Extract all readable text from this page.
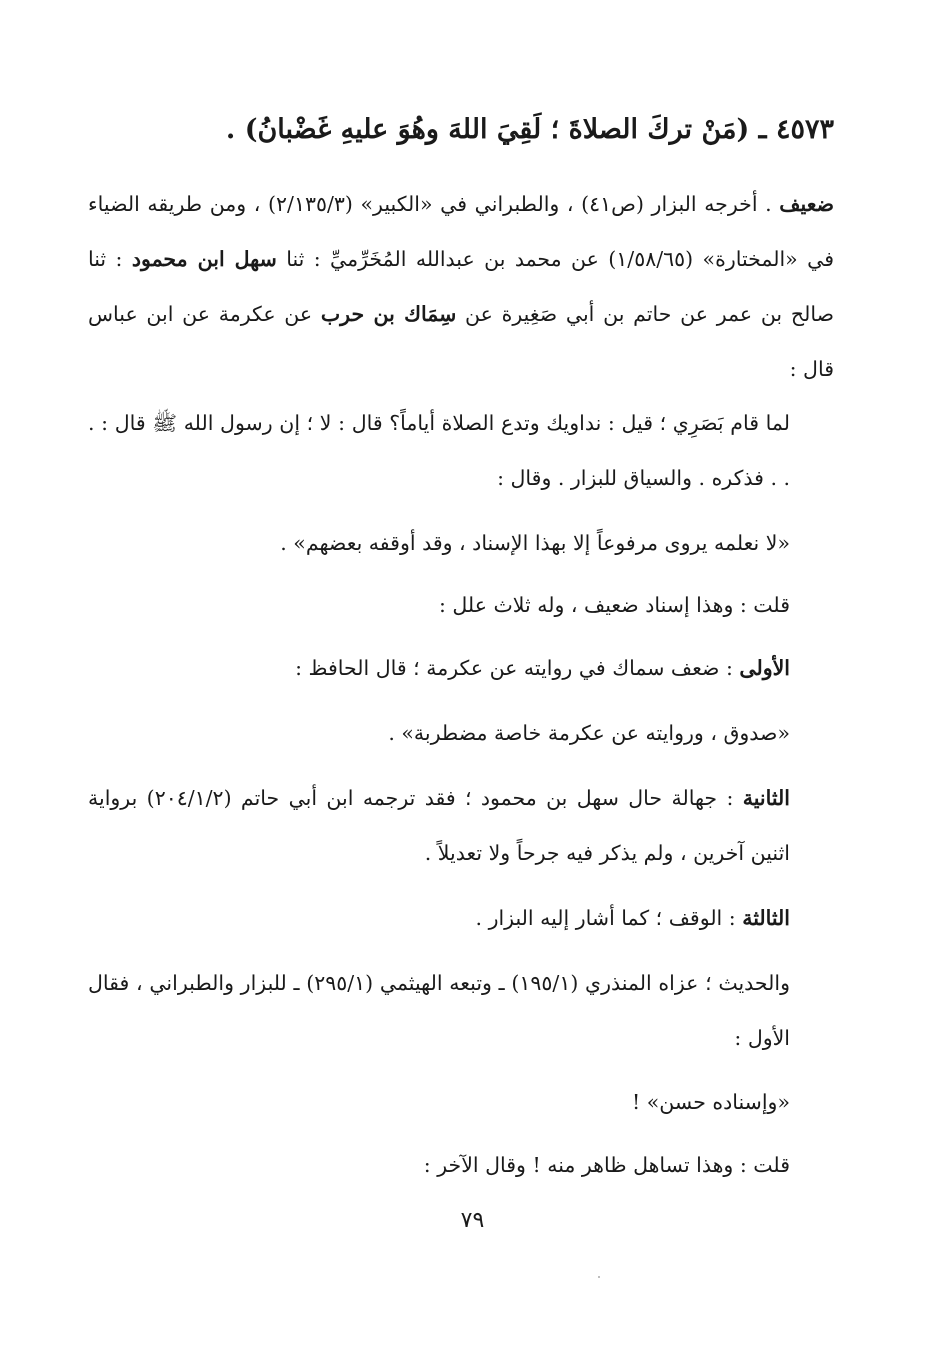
٤٥٧٣ ـ (مَنْ تركَ الصلاةَ ؛ لَقِيَ اللهَ وهُوَ عليهِ غَضْبانُ) .

ضعيف . أخرجه البزار (ص٤١) ، والطبراني في «الكبير» (٢/١٣٥/٣) ، ومن طريقه الضياء في «المختارة» (١/٥٨/٦٥) عن محمد بن عبدالله المُخَرِّميِّ : ثنا سهل ابن محمود : ثنا صالح بن عمر عن حاتم بن أبي صَغِيرة عن سِمَاك بن حرب عن عكرمة عن ابن عباس قال :

لما قام بَصَرِي ؛ قيل : نداويك وتدع الصلاة أياماً؟ قال : لا ؛ إن رسول الله ﷺ قال : . . . فذكره . والسياق للبزار . وقال :

«لا نعلمه يروى مرفوعاً إلا بهذا الإسناد ، وقد أوقفه بعضهم» .
قلت : وهذا إسناد ضعيف ، وله ثلاث علل :
الأولى : ضعف سماك في روايته عن عكرمة ؛ قال الحافظ :
«صدوق ، وروايته عن عكرمة خاصة مضطربة» .

الثانية : جهالة حال سهل بن محمود ؛ فقد ترجمه ابن أبي حاتم (٢٠٤/١/٢) برواية اثنين آخرين ، ولم يذكر فيه جرحاً ولا تعديلاً .

الثالثة : الوقف ؛ كما أشار إليه البزار .

والحديث ؛ عزاه المنذري (١٩٥/١) ـ وتبعه الهيثمي (٢٩٥/١) ـ للبزار والطبراني ، فقال الأول :

«وإسناده حسن» !
قلت : وهذا تساهل ظاهر منه ! وقال الآخر :
٧٩
